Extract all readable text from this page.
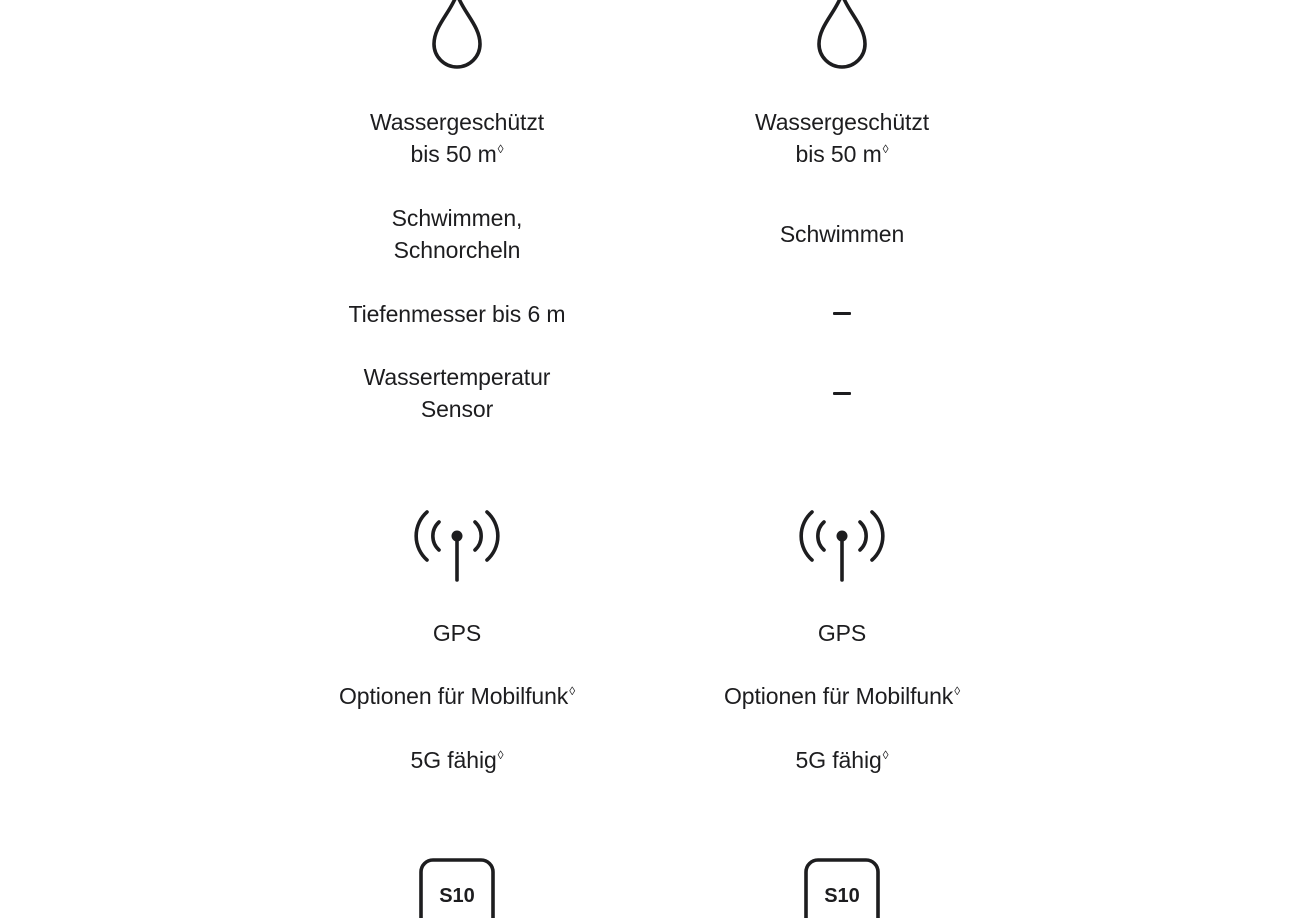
Wassergeschützt
bis 50 m◊
Schwimmen,
Schnorcheln
Tiefenmesser bis 6 m
Wassertemperatur
Sensor
GPS
Optionen für Mobilfunk◊
5G fähig◊
S10
Wassergeschützt
bis 50 m◊
Schwimmen
GPS
Optionen für Mobilfunk◊
5G fähig◊
S10
